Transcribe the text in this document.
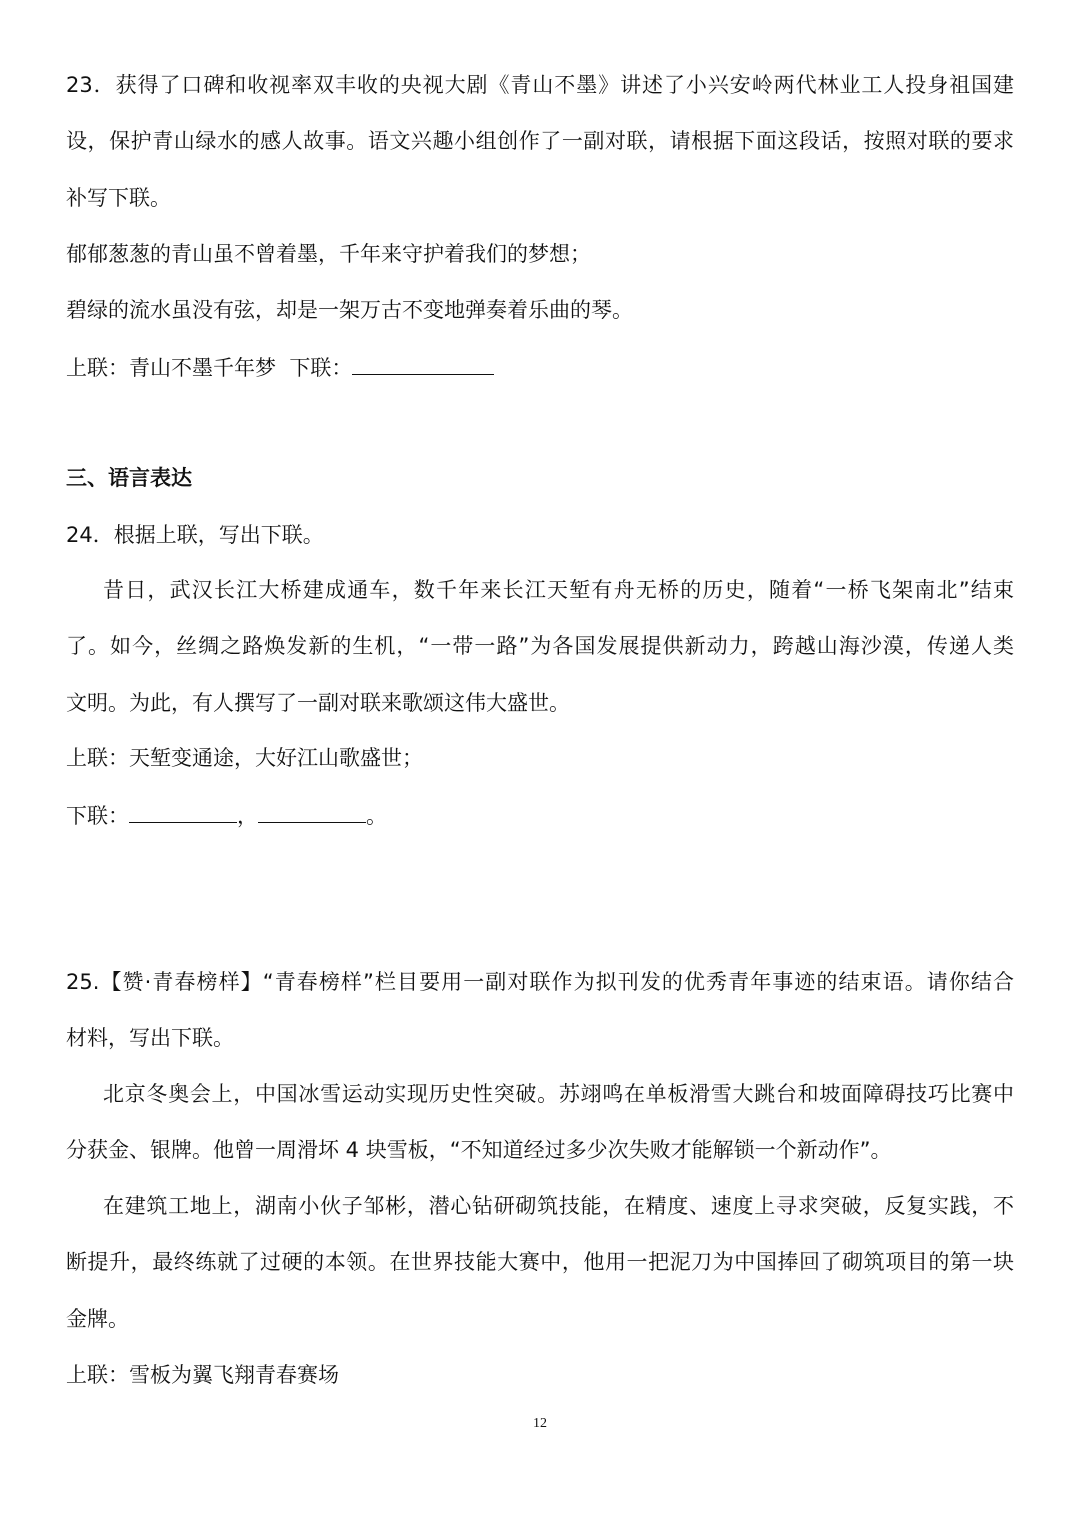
23．获得了口碑和收视率双丰收的央视大剧《青山不墨》讲述了小兴安岭两代林业工人投身祖国建
设，保护青山绿水的感人故事。语文兴趣小组创作了一副对联，请根据下面这段话，按照对联的要求
补写下联。
郁郁葱葱的青山虽不曾着墨，千年来守护着我们的梦想；
碧绿的流水虽没有弦，却是一架万古不变地弹奏着乐曲的琴。
上联：青山不墨千年梦 下联：
三、语言表达
24．根据上联，写出下联。
昔日，武汉长江大桥建成通车，数千年来长江天堑有舟无桥的历史，随着“一桥飞架南北”结束
了。如今，丝绸之路焕发新的生机，“一带一路”为各国发展提供新动力，跨越山海沙漠，传递人类
文明。为此，有人撰写了一副对联来歌颂这伟大盛世。
上联：天堑变通途，大好江山歌盛世；
下联：	，	。
25.【赞·青春榜样】“青春榜样”栏目要用一副对联作为拟刊发的优秀青年事迹的结束语。请你结合
材料，写出下联。
北京冬奥会上，中国冰雪运动实现历史性突破。苏翊鸣在单板滑雪大跳台和坡面障碍技巧比赛中
分获金、银牌。他曾一周滑坏 4 块雪板，“不知道经过多少次失败才能解锁一个新动作”。
在建筑工地上，湖南小伙子邹彬，潜心钻研砌筑技能，在精度、速度上寻求突破，反复实践，不
断提升，最终练就了过硬的本领。在世界技能大赛中，他用一把泥刀为中国捧回了砌筑项目的第一块
金牌。
上联：雪板为翼飞翔青春赛场
12
